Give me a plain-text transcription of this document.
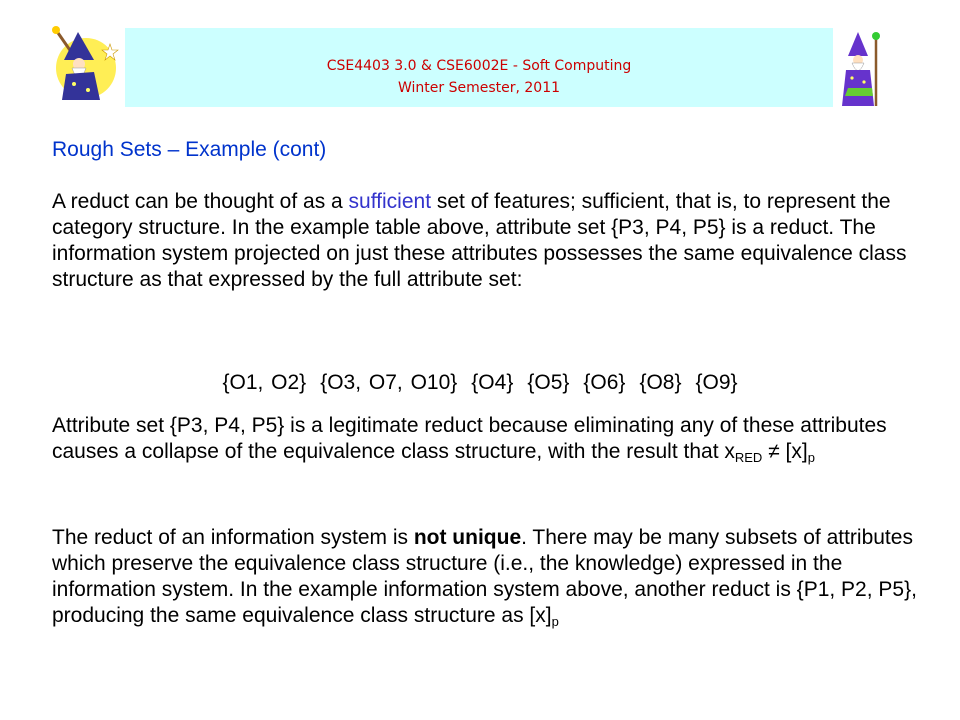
CSE4403 3.0 & CSE6002E - Soft Computing
Winter Semester, 2011
Rough Sets – Example (cont)

A reduct can be thought of as a sufficient set of features; sufficient, that is, to represent the category structure. In the example table above, attribute set {P3, P4, P5} is a reduct. The information system projected on just these attributes possesses the same equivalence class structure as that expressed by the full attribute set:

{O1, O2} {O3, O7, O10} {O4} {O5} {O6} {O8} {O9}

Attribute set {P3, P4, P5} is a legitimate reduct because eliminating any of these attributes causes a collapse of the equivalence class structure, with the result that $x_{RED} \ne [x]_p$

The reduct of an information system is not unique. There may be many subsets of attributes which preserve the equivalence class structure (i.e., the knowledge) expressed in the information system. In the example information system above, another reduct is {P1, P2, P5}, producing the same equivalence class structure as $[x]_p$
